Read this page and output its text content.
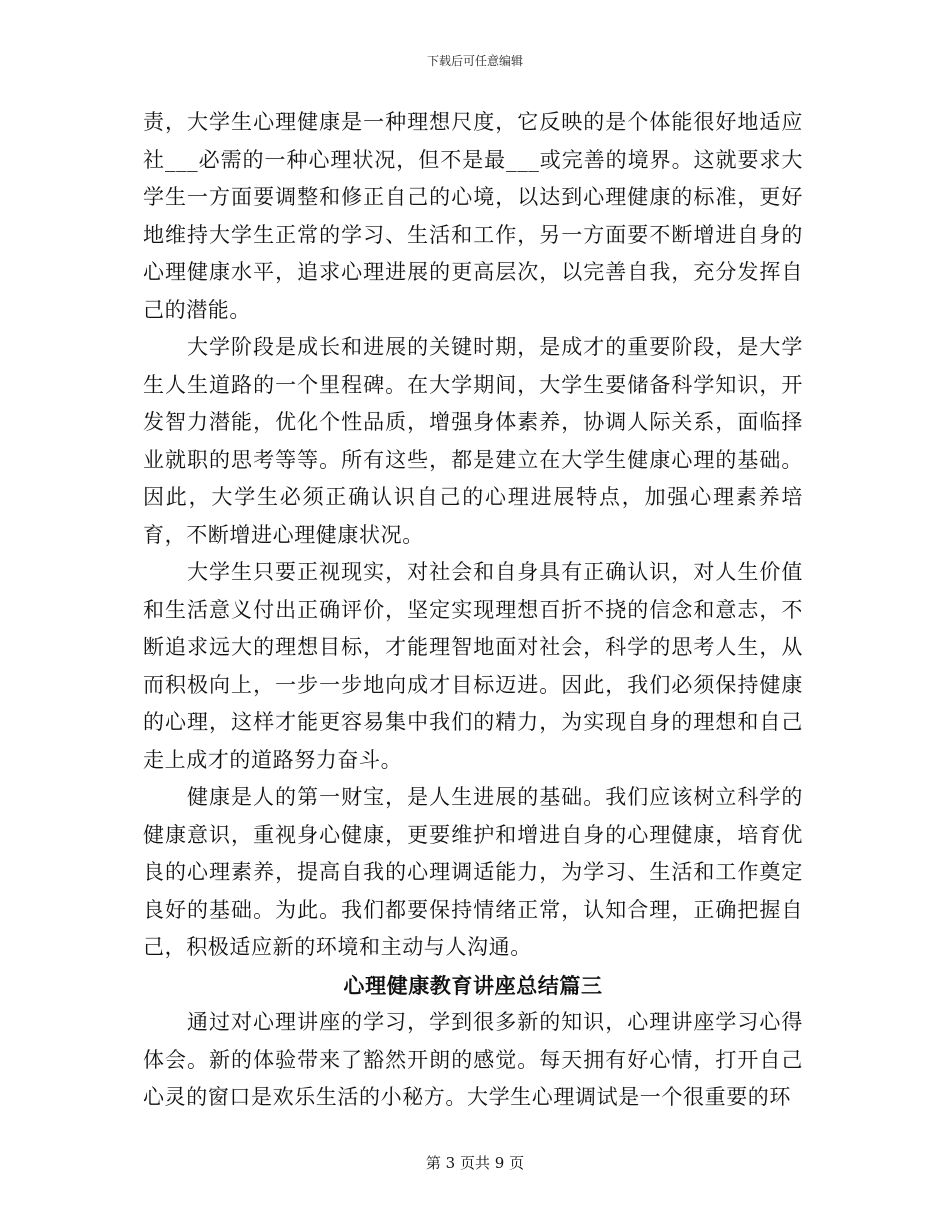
下载后可任意编辑

责，大学生心理健康是一种理想尺度，它反映的是个体能很好地适应社___必需的一种心理状况，但不是最___或完善的境界。这就要求大学生一方面要调整和修正自己的心境，以达到心理健康的标准，更好地维持大学生正常的学习、生活和工作，另一方面要不断增进自身的心理健康水平，追求心理进展的更高层次，以完善自我，充分发挥自己的潜能。

大学阶段是成长和进展的关键时期，是成才的重要阶段，是大学生人生道路的一个里程碑。在大学期间，大学生要储备科学知识，开发智力潜能，优化个性品质，增强身体素养，协调人际关系，面临择业就职的思考等等。所有这些，都是建立在大学生健康心理的基础。因此，大学生必须正确认识自己的心理进展特点，加强心理素养培育，不断增进心理健康状况。

大学生只要正视现实，对社会和自身具有正确认识，对人生价值和生活意义付出正确评价，坚定实现理想百折不挠的信念和意志，不断追求远大的理想目标，才能理智地面对社会，科学的思考人生，从而积极向上，一步一步地向成才目标迈进。因此，我们必须保持健康的心理，这样才能更容易集中我们的精力，为实现自身的理想和自己走上成才的道路努力奋斗。

健康是人的第一财宝，是人生进展的基础。我们应该树立科学的健康意识，重视身心健康，更要维护和增进自身的心理健康，培育优良的心理素养，提高自我的心理调适能力，为学习、生活和工作奠定良好的基础。为此。我们都要保持情绪正常，认知合理，正确把握自己，积极适应新的环境和主动与人沟通。

心理健康教育讲座总结篇三

通过对心理讲座的学习，学到很多新的知识，心理讲座学习心得体会。新的体验带来了豁然开朗的感觉。每天拥有好心情，打开自己心灵的窗口是欢乐生活的小秘方。大学生心理调试是一个很重要的环

第 3 页共 9 页
